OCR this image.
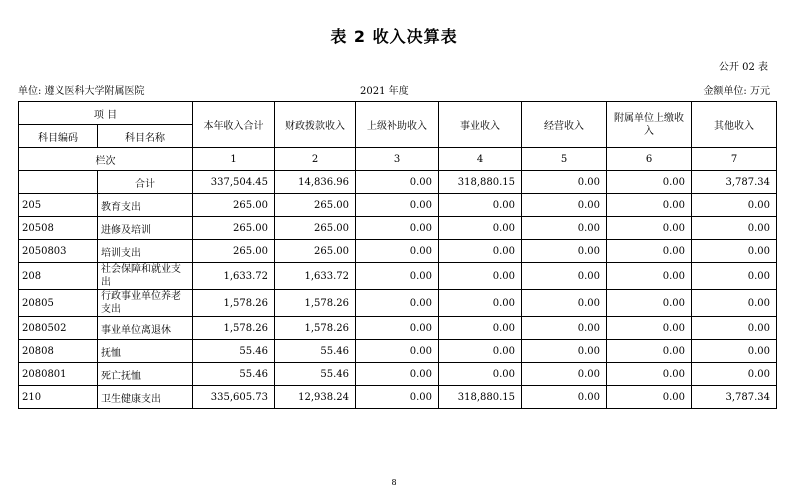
表 2 收入决算表
公开 02 表
单位: 遵义医科大学附属医院	2021 年度	金额单位: 万元
项 目		本年收入合计	财政拨款收入	上级补助收入	事业收入	经营收入	附属单位上缴收入	其他收入
科目编码	科目名称							
栏次		1	2	3	4	5	6	7
	合计	337,504.45	14,836.96	0.00	318,880.15	0.00	0.00	3,787.34
205	教育支出	265.00	265.00	0.00	0.00	0.00	0.00	0.00
20508	进修及培训	265.00	265.00	0.00	0.00	0.00	0.00	0.00
2050803	培训支出	265.00	265.00	0.00	0.00	0.00	0.00	0.00
208	社会保障和就业支出	1,633.72	1,633.72	0.00	0.00	0.00	0.00	0.00
20805	行政事业单位养老支出	1,578.26	1,578.26	0.00	0.00	0.00	0.00	0.00
2080502	事业单位离退休	1,578.26	1,578.26	0.00	0.00	0.00	0.00	0.00
20808	抚恤	55.46	55.46	0.00	0.00	0.00	0.00	0.00
2080801	死亡抚恤	55.46	55.46	0.00	0.00	0.00	0.00	0.00
210	卫生健康支出	335,605.73	12,938.24	0.00	318,880.15	0.00	0.00	3,787.34
8
